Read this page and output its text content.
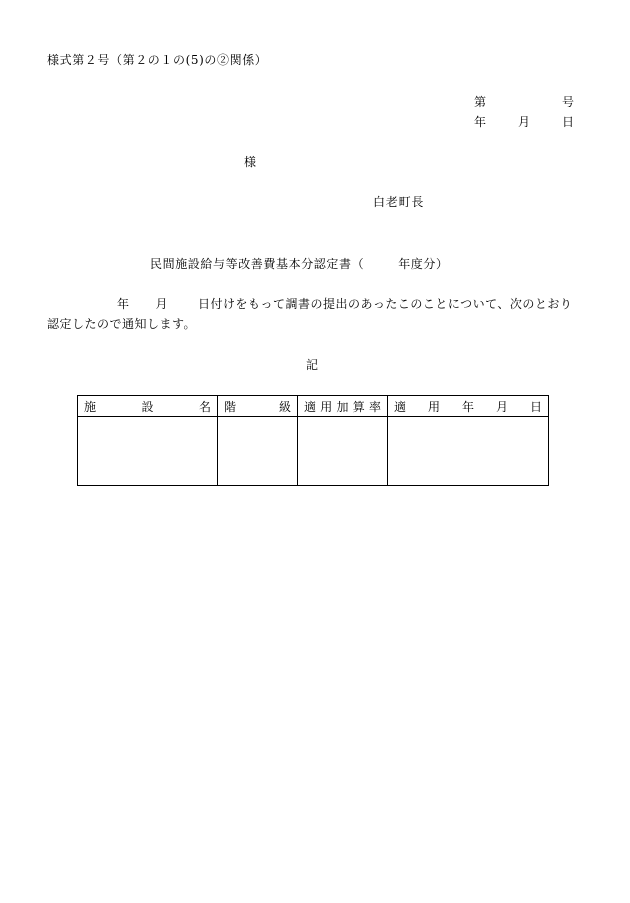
様式第２号（第２の１の(5)の②関係）
第	号
年	月	日
様
白老町長
民間施設給与等改善費基本分認定書（	年度分）
年 月	日付けをもって調書の提出のあったこのことについて、次のとおり認定したので通知します。
記
施 設 名	階 級	適 用 加 算 率	適 用 年 月 日
